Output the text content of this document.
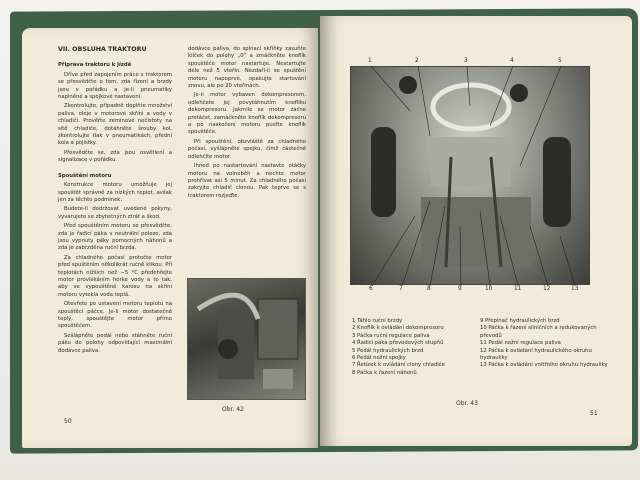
VII. OBSLUHA TRAKTORU
Připrava traktoru k jízdě

Dříve před zapojením práce s traktorem se přesvědčte o tom, zda řízení a brzdy jsou v pořádku a je-li pneumatiky naplněné a spojkové nastavení.

Zkontrolujte, připadně doplňte množství paliva, oleje v motorové skříni a vody v chladiči. Prověřte zeminové nečistoty na sítě chladiče, dotáhněte šrouby kol, zkontrolujte tlak v pneumatikách, přední kola a pojistky.

Přesvědčte se, zda jsou osvětlení a signalizace v pořádku.

Spouštění motoru

Konstrukce motoru umožňuje jej spouštět správně za nízkých teplot, avšak jen za těchto podmínek:

Budete-li dodržovat uvedené pokyny, vyvarujete se zbytečných ztrát a škod.

Před spouštěním motoru se přesvědčte, zda je řadicí páka v neutrální poloze, zda jsou vypnuty páky pomocných náhonů a zda je zabrzděna ruční brzda.

Za chladného počasí protočte motor před spuštěním několikrát ručně klikou. Při teplotách nižších než −5 °C předehřejte motor provlékáním horké vody a to tak, aby ve vypouštěné karosu na skříni motoru vytekla voda teplá.

Otevřete po ustavení motoru teplotu na spouštěcí páčce. Je-li motor dostatečně teplý, spouštějte motor přímo spouštěčem.

Sešlápněte pedál nebo stáhněte ruční páku do polohy odpovídající maximální dodávce paliva.

dodávce paliva, do spínací skříňky zasuňte klíček do polohy „0“ a zmáčkněte knoflík spouštěče motor nastartuje. Nestartujte déle než 5 vteřin. Nezdaří-li se spuštění motoru napoprvé, opakujte startování znovu, ale po 20 vteřinách.

Je-li motor vybaven dekompresorem, odlehčete jej povytáhnutím knoflíku dekompresoru. Jakmile se motor začne protáčet, zamáčkněte knoflík dekompresoru a po naskočení motoru pusťte knoflík spouštěče.

Při spouštění, obzvláště za chladného počasí, vyšlápněte spojku, čímž částečně odlehčíte motor.

Ihned po nastartování nastavte otáčky motoru na volnoběh a nechte motor prohřívat asi 5 minut. Za chladného počasí zakryjte chladič clonou. Pak teprve se s traktorem rozjeďte.

Obr. 42
50
1	2	3	4	5
6	7	8	9	10	11	12	13
1 Táhlo ruční brzdy
2 Knoflík k ovládání dekompresoru
3 Páčka ruční regulace paliva
4 Řadicí páka převodových stupňů
5 Pedál hydraulických brzd
6 Pedál nožní spojky
7 Řetízek k ovládání clony chladiče
8 Páčka k řazení náhonů
9 Přepínač hydraulických brzd
10 Páčka k řazení silničních a redukovaných převodů
11 Pedál nožní regulace paliva
12 Páčka k ovládání hydraulického okruhu hydrauliky
13 Páčka k ovládání vnitřního okruhu hydrauliky
Obr. 43
51
